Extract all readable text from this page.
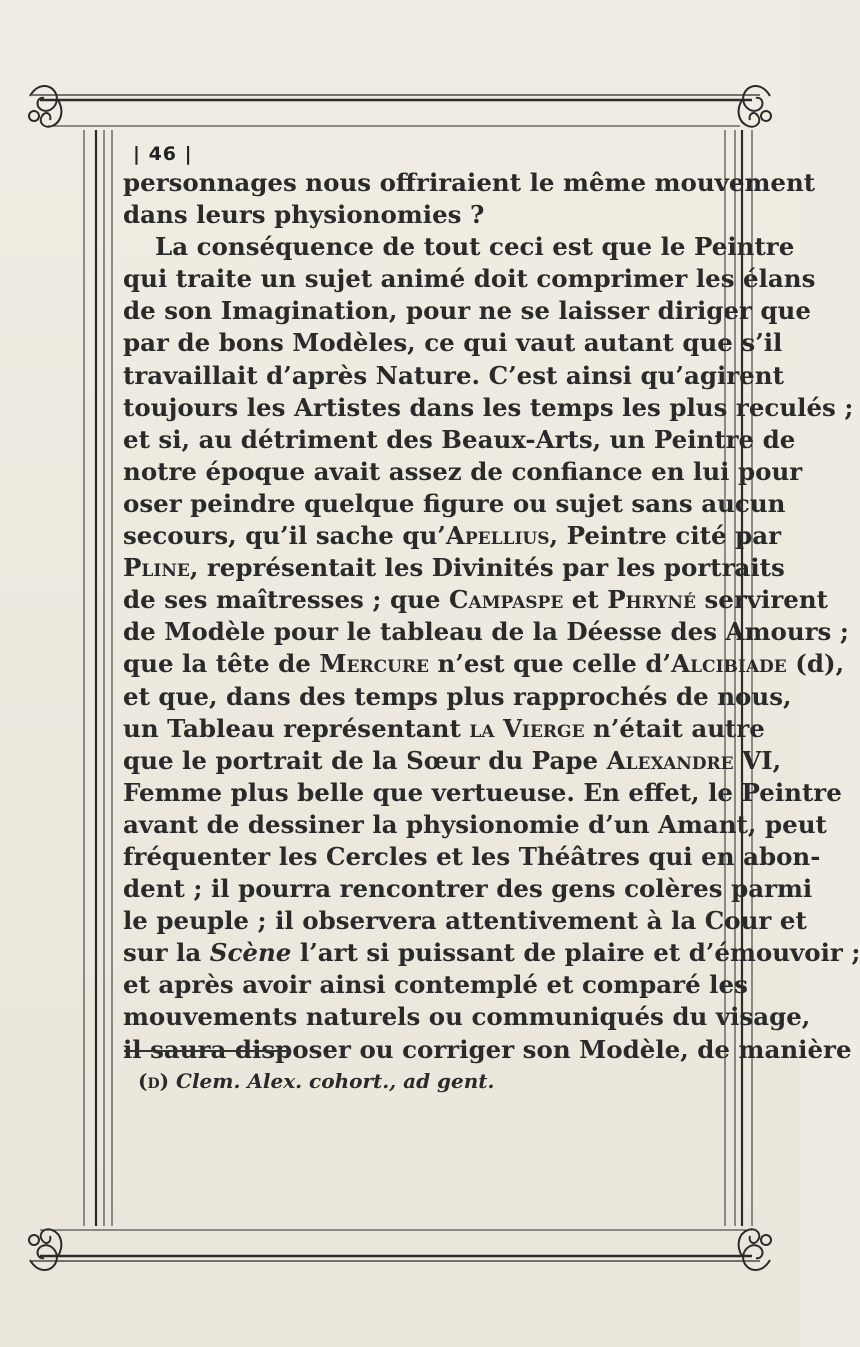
| 46 |
personnages nous offriraient le même mouvement
dans leurs physionomies ?
La conséquence de tout ceci est que le Peintre
qui traite un sujet animé doit comprimer les élans
de son Imagination, pour ne se laisser diriger que
par de bons Modèles, ce qui vaut autant que s’il
travaillait d’après Nature. C’est ainsi qu’agirent
toujours les Artistes dans les temps les plus reculés ;
et si, au détriment des Beaux-Arts, un Peintre de
notre époque avait assez de confiance en lui pour
oser peindre quelque figure ou sujet sans aucun
secours, qu’il sache qu’Apellius, Peintre cité par
Pline, représentait les Divinités par les portraits
de ses maîtresses ; que Campaspe et Phryné servirent
de Modèle pour le tableau de la Déesse des Amours ;
que la tête de Mercure n’est que celle d’Alcibiade (d),
et que, dans des temps plus rapprochés de nous,
un Tableau représentant la Vierge n’était autre
que le portrait de la Sœur du Pape Alexandre VI,
Femme plus belle que vertueuse. En effet, le Peintre
avant de dessiner la physionomie d’un Amant, peut
fréquenter les Cercles et les Théâtres qui en abon-
dent ; il pourra rencontrer des gens colères parmi
le peuple ; il observera attentivement à la Cour et
sur la Scène l’art si puissant de plaire et d’émouvoir ;
et après avoir ainsi contemplé et comparé les
mouvements naturels ou communiqués du visage,
il saura disposer ou corriger son Modèle, de manière
(d) Clem. Alex. cohort., ad gent.
